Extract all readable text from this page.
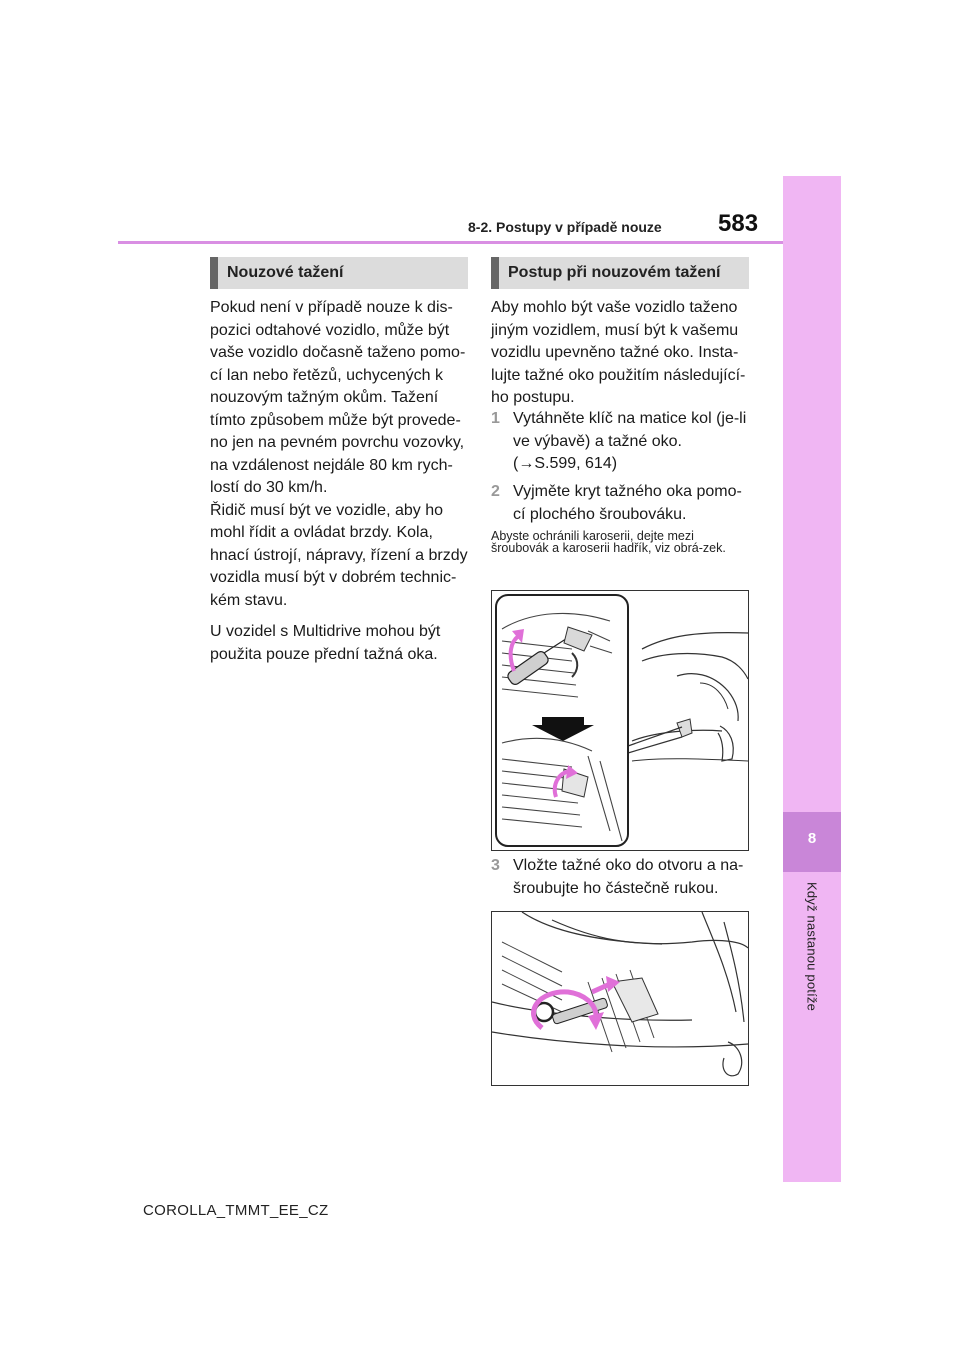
8
Když nastanou potíže
8-2. Postupy v případě nouze 583
Nouzové tažení

Pokud není v případě nouze k dis-pozici odtahové vozidlo, může být vaše vozidlo dočasně taženo pomo-cí lan nebo řetězů, uchycených k nouzovým tažným okům. Tažení tímto způsobem může být provede-no jen na pevném povrchu vozovky, na vzdálenost nejdále 80 km rych-lostí do 30 km/h.

Řidič musí být ve vozidle, aby ho mohl řídit a ovládat brzdy. Kola, hnací ústrojí, nápravy, řízení a brzdy vozidla musí být v dobrém technic-kém stavu.

U vozidel s Multidrive mohou být použita pouze přední tažná oka.

Postup při nouzovém tažení
Aby mohlo být vaše vozidlo taženo jiným vozidlem, musí být k vašemu vozidlu upevněno tažné oko. Insta-lujte tažné oko použitím následující-ho postupu.
1 Vytáhněte klíč na matice kol (je-li ve výbavě) a tažné oko. (→S.599, 614)
2 Vyjměte kryt tažného oka pomo-cí plochého šroubováku.
Abyste ochránili karoserii, dejte mezi šroubovák a karoserii hadřík, viz obrá-zek.
3 Vložte tažné oko do otvoru a na-šroubujte ho částečně rukou.
COROLLA_TMMT_EE_CZ
